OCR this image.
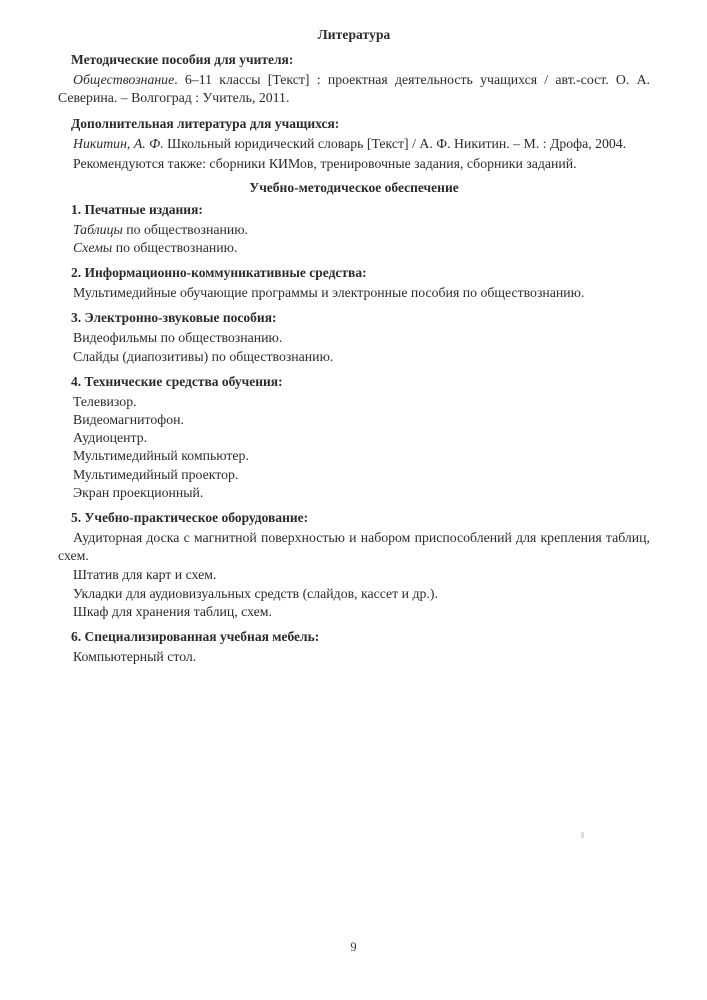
Литература
Методические пособия для учителя:

Обществознание. 6–11 классы [Текст] : проектная деятельность учащихся / авт.-сост. О. А. Северина. – Волгоград : Учитель, 2011.

Дополнительная литература для учащихся:

Никитин, А. Ф. Школьный юридический словарь [Текст] / А. Ф. Никитин. – М. : Дрофа, 2004.

Рекомендуются также: сборники КИМов, тренировочные задания, сборники заданий.

Учебно-методическое обеспечение
1. Печатные издания:

Таблицы по обществознанию.

Схемы по обществознанию.

2. Информационно-коммуникативные средства:

Мультимедийные обучающие программы и электронные пособия по обществознанию.

3. Электронно-звуковые пособия:

Видеофильмы по обществознанию.

Слайды (диапозитивы) по обществознанию.

4. Технические средства обучения:

Телевизор.

Видеомагнитофон.

Аудиоцентр.

Мультимедийный компьютер.

Мультимедийный проектор.

Экран проекционный.

5. Учебно-практическое оборудование:

Аудиторная доска с магнитной поверхностью и набором приспособлений для крепления таблиц, схем.

Штатив для карт и схем.

Укладки для аудиовизуальных средств (слайдов, кассет и др.).

Шкаф для хранения таблиц, схем.

6. Специализированная учебная мебель:

Компьютерный стол.

9
